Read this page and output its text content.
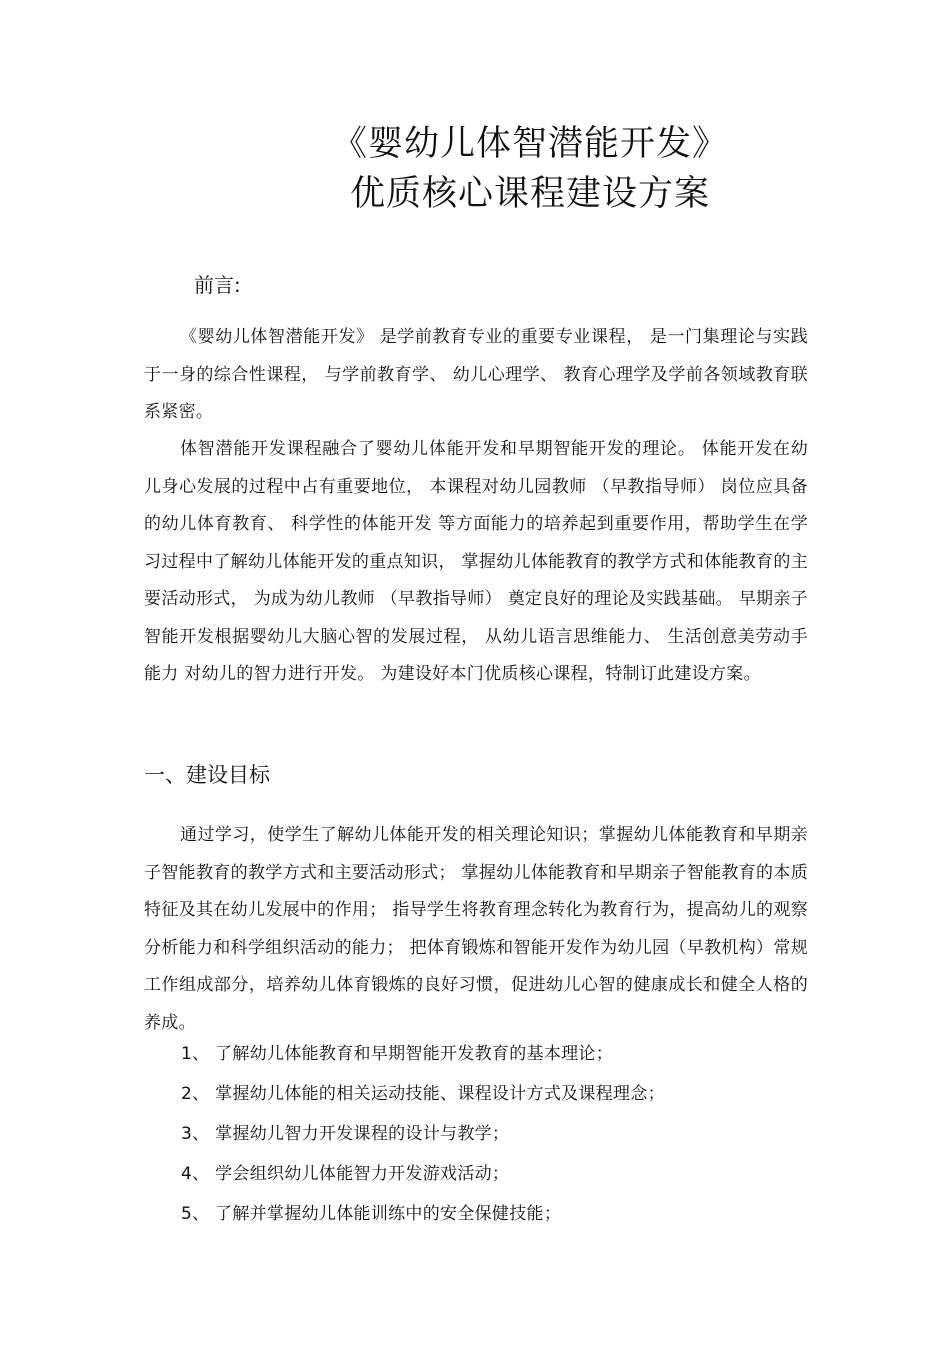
《婴幼儿体智潜能开发》
优质核心课程建设方案
前言:

《婴幼儿体智潜能开发》 是学前教育专业的重要专业课程， 是一门集理论与实践于一身的综合性课程， 与学前教育学、 幼儿心理学、 教育心理学及学前各领域教育联系紧密。

体智潜能开发课程融合了婴幼儿体能开发和早期智能开发的理论。 体能开发在幼儿身心发展的过程中占有重要地位， 本课程对幼儿园教师 （早教指导师） 岗位应具备的幼儿体育教育、 科学性的体能开发 等方面能力的培养起到重要作用，帮助学生在学习过程中了解幼儿体能开发的重点知识， 掌握幼儿体能教育的教学方式和体能教育的主要活动形式， 为成为幼儿教师 （早教指导师） 奠定良好的理论及实践基础。 早期亲子智能开发根据婴幼儿大脑心智的发展过程， 从幼儿语言思维能力、 生活创意美劳动手能力 对幼儿的智力进行开发。 为建设好本门优质核心课程，特制订此建设方案。

一、建设目标

通过学习，使学生了解幼儿体能开发的相关理论知识；掌握幼儿体能教育和早期亲子智能教育的教学方式和主要活动形式； 掌握幼儿体能教育和早期亲子智能教育的本质特征及其在幼儿发展中的作用； 指导学生将教育理念转化为教育行为，提高幼儿的观察分析能力和科学组织活动的能力； 把体育锻炼和智能开发作为幼儿园（早教机构）常规工作组成部分，培养幼儿体育锻炼的良好习惯，促进幼儿心智的健康成长和健全人格的养成。

1、 了解幼儿体能教育和早期智能开发教育的基本理论；
2、 掌握幼儿体能的相关运动技能、课程设计方式及课程理念；
3、 掌握幼儿智力开发课程的设计与教学；
4、 学会组织幼儿体能智力开发游戏活动；
5、 了解并掌握幼儿体能训练中的安全保健技能；
